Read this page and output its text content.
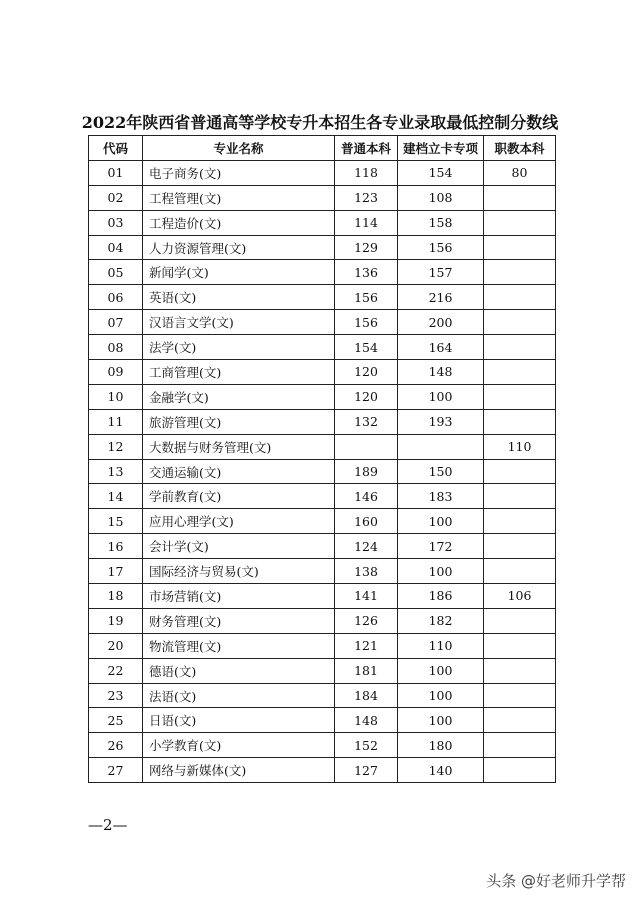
2022年陕西省普通高等学校专升本招生各专业录取最低控制分数线
代码	专业名称	普通本科	建档立卡专项	职教本科
01	电子商务(文)	118	154	80
02	工程管理(文)	123	108	
03	工程造价(文)	114	158	
04	人力资源管理(文)	129	156	
05	新闻学(文)	136	157	
06	英语(文)	156	216	
07	汉语言文学(文)	156	200	
08	法学(文)	154	164	
09	工商管理(文)	120	148	
10	金融学(文)	120	100	
11	旅游管理(文)	132	193	
12	大数据与财务管理(文)			110
13	交通运输(文)	189	150	
14	学前教育(文)	146	183	
15	应用心理学(文)	160	100	
16	会计学(文)	124	172	
17	国际经济与贸易(文)	138	100	
18	市场营销(文)	141	186	106
19	财务管理(文)	126	182	
20	物流管理(文)	121	110	
22	德语(文)	181	100	
23	法语(文)	184	100	
25	日语(文)	148	100	
26	小学教育(文)	152	180	
27	网络与新媒体(文)	127	140	
—2—
头条 @好老师升学帮
